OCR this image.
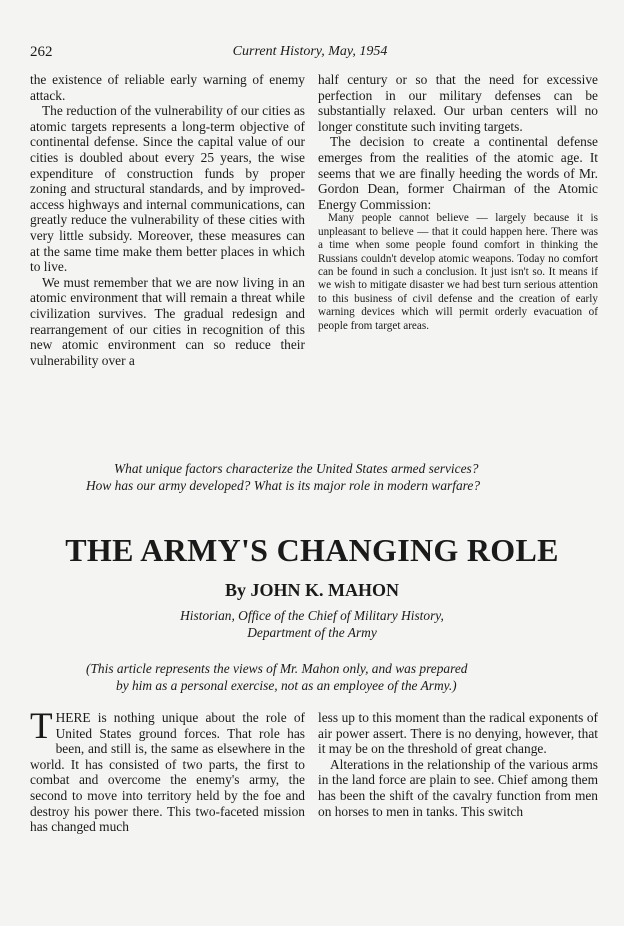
262	Current History, May, 1954

the existence of reliable early warning of enemy attack.

The reduction of the vulnerability of our cities as atomic targets represents a long-term objective of continental defense. Since the capital value of our cities is doubled about every 25 years, the wise expenditure of construction funds by proper zoning and structural standards, and by improved-access highways and internal communications, can greatly reduce the vulnerability of these cities with very little subsidy. Moreover, these measures can at the same time make them better places in which to live.

We must remember that we are now living in an atomic environment that will remain a threat while civilization survives. The gradual redesign and rearrangement of our cities in recognition of this new atomic environment can so reduce their vulnerability over a

half century or so that the need for excessive perfection in our military defenses can be substantially relaxed. Our urban centers will no longer constitute such inviting targets.

The decision to create a continental defense emerges from the realities of the atomic age. It seems that we are finally heeding the words of Mr. Gordon Dean, former Chairman of the Atomic Energy Commission:

Many people cannot believe — largely because it is unpleasant to believe — that it could happen here. There was a time when some people found comfort in thinking the Russians couldn't develop atomic weapons. Today no comfort can be found in such a conclusion. It just isn't so. It means if we wish to mitigate disaster we had best turn serious attention to this business of civil defense and the creation of early warning devices which will permit orderly evacuation of people from target areas.

What unique factors characterize the United States armed services?

How has our army developed? What is its major role in modern warfare?

THE ARMY'S CHANGING ROLE
By JOHN K. MAHON

Historian, Office of the Chief of Military History,

Department of the Army

(This article represents the views of Mr. Mahon only, and was prepared

by him as a personal exercise, not as an employee of the Army.)

THERE is nothing unique about the role of United States ground forces. That role has been, and still is, the same as elsewhere in the world. It has consisted of two parts, the first to combat and overcome the enemy's army, the second to move into territory held by the foe and destroy his power there. This two-faceted mission has changed much

less up to this moment than the radical exponents of air power assert. There is no denying, however, that it may be on the threshold of great change.

Alterations in the relationship of the various arms in the land force are plain to see. Chief among them has been the shift of the cavalry function from men on horses to men in tanks. This switch
